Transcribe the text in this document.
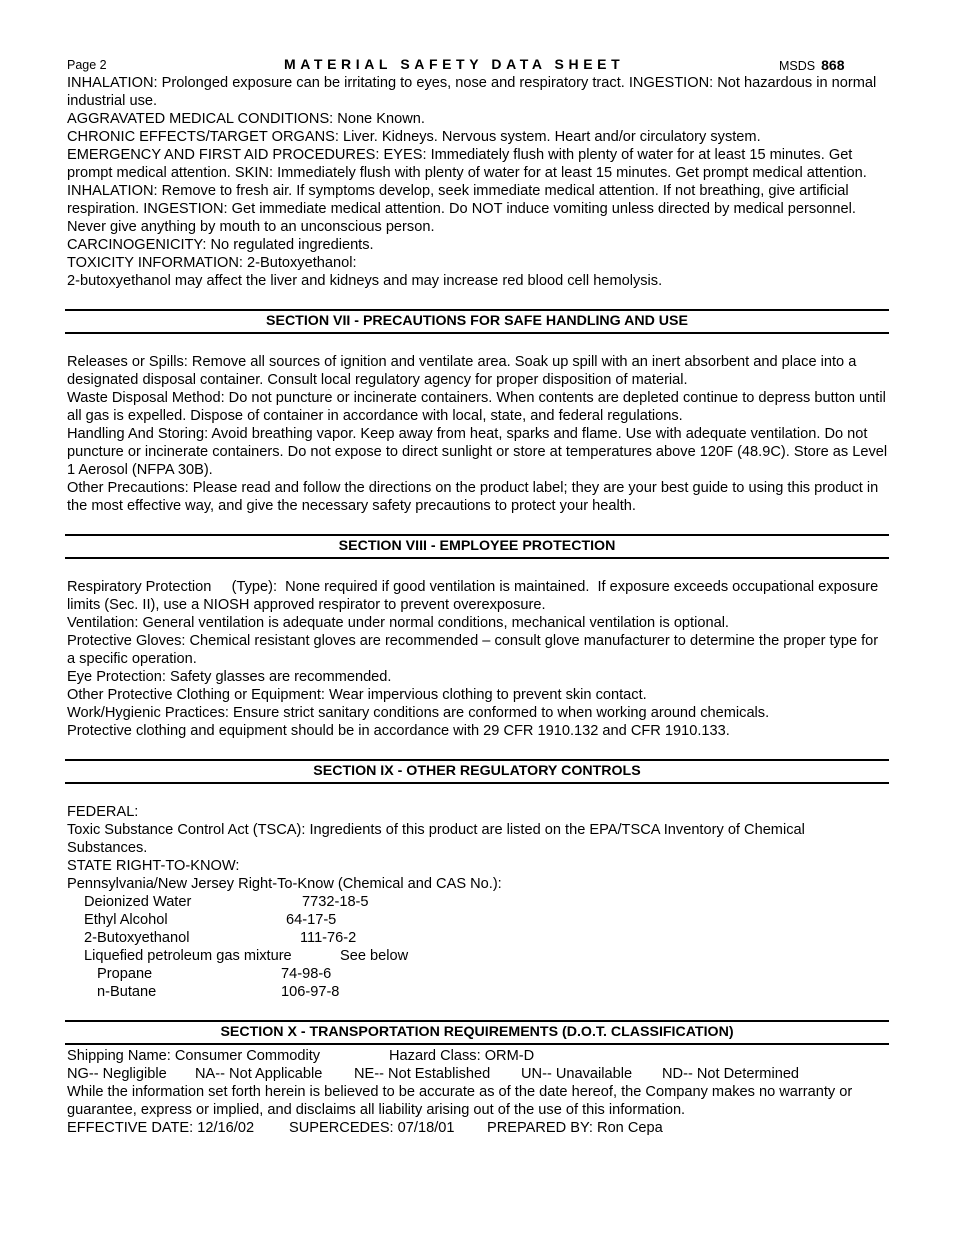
Page 2	MATERIAL SAFETY DATA SHEET	MSDS 868

INHALATION: Prolonged exposure can be irritating to eyes, nose and respiratory tract. INGESTION: Not hazardous in normal industrial use.

AGGRAVATED MEDICAL CONDITIONS: None Known.

CHRONIC EFFECTS/TARGET ORGANS: Liver. Kidneys. Nervous system. Heart and/or circulatory system.

EMERGENCY AND FIRST AID PROCEDURES: EYES: Immediately flush with plenty of water for at least 15 minutes. Get prompt medical attention. SKIN: Immediately flush with plenty of water for at least 15 minutes. Get prompt medical attention. INHALATION: Remove to fresh air. If symptoms develop, seek immediate medical attention. If not breathing, give artificial respiration. INGESTION: Get immediate medical attention. Do NOT induce vomiting unless directed by medical personnel. Never give anything by mouth to an unconscious person.

CARCINOGENICITY: No regulated ingredients.

TOXICITY INFORMATION: 2-Butoxyethanol:

2-butoxyethanol may affect the liver and kidneys and may increase red blood cell hemolysis.

SECTION VII - PRECAUTIONS FOR SAFE HANDLING AND USE

Releases or Spills: Remove all sources of ignition and ventilate area. Soak up spill with an inert absorbent and place into a designated disposal container. Consult local regulatory agency for proper disposition of material.

Waste Disposal Method: Do not puncture or incinerate containers. When contents are depleted continue to depress button until all gas is expelled. Dispose of container in accordance with local, state, and federal regulations.

Handling And Storing: Avoid breathing vapor. Keep away from heat, sparks and flame. Use with adequate ventilation. Do not puncture or incinerate containers. Do not expose to direct sunlight or store at temperatures above 120F (48.9C). Store as Level 1 Aerosol (NFPA 30B).

Other Precautions: Please read and follow the directions on the product label; they are your best guide to using this product in the most effective way, and give the necessary safety precautions to protect your health.

SECTION VIII - EMPLOYEE PROTECTION

Respiratory Protection     (Type):  None required if good ventilation is maintained.  If exposure exceeds occupational exposure limits (Sec. II), use a NIOSH approved respirator to prevent overexposure.

Ventilation: General ventilation is adequate under normal conditions, mechanical ventilation is optional.

Protective Gloves: Chemical resistant gloves are recommended – consult glove manufacturer to determine the proper type for a specific operation.

Eye Protection: Safety glasses are recommended.

Other Protective Clothing or Equipment: Wear impervious clothing to prevent skin contact.

Work/Hygienic Practices: Ensure strict sanitary conditions are conformed to when working around chemicals.

Protective clothing and equipment should be in accordance with 29 CFR 1910.132 and CFR 1910.133.

SECTION IX - OTHER REGULATORY CONTROLS

FEDERAL:

Toxic Substance Control Act (TSCA): Ingredients of this product are listed on the EPA/TSCA Inventory of Chemical Substances.

STATE RIGHT-TO-KNOW:

Pennsylvania/New Jersey Right-To-Know (Chemical and CAS No.):

Deionized Water	7732-18-5
Ethyl Alcohol	64-17-5
2-Butoxyethanol	111-76-2
Liquefied petroleum gas mixture	See below
Propane	74-98-6
n-Butane	106-97-8
SECTION X - TRANSPORTATION REQUIREMENTS (D.O.T. CLASSIFICATION)
Shipping Name: Consumer Commodity	Hazard Class: ORM-D
NG-- Negligible NA-- Not Applicable NE-- Not Established UN-- Unavailable ND-- Not Determined

While the information set forth herein is believed to be accurate as of the date hereof, the Company makes no warranty or guarantee, express or implied, and disclaims all liability arising out of the use of this information.

EFFECTIVE DATE: 12/16/02 SUPERCEDES: 07/18/01 PREPARED BY: Ron Cepa
